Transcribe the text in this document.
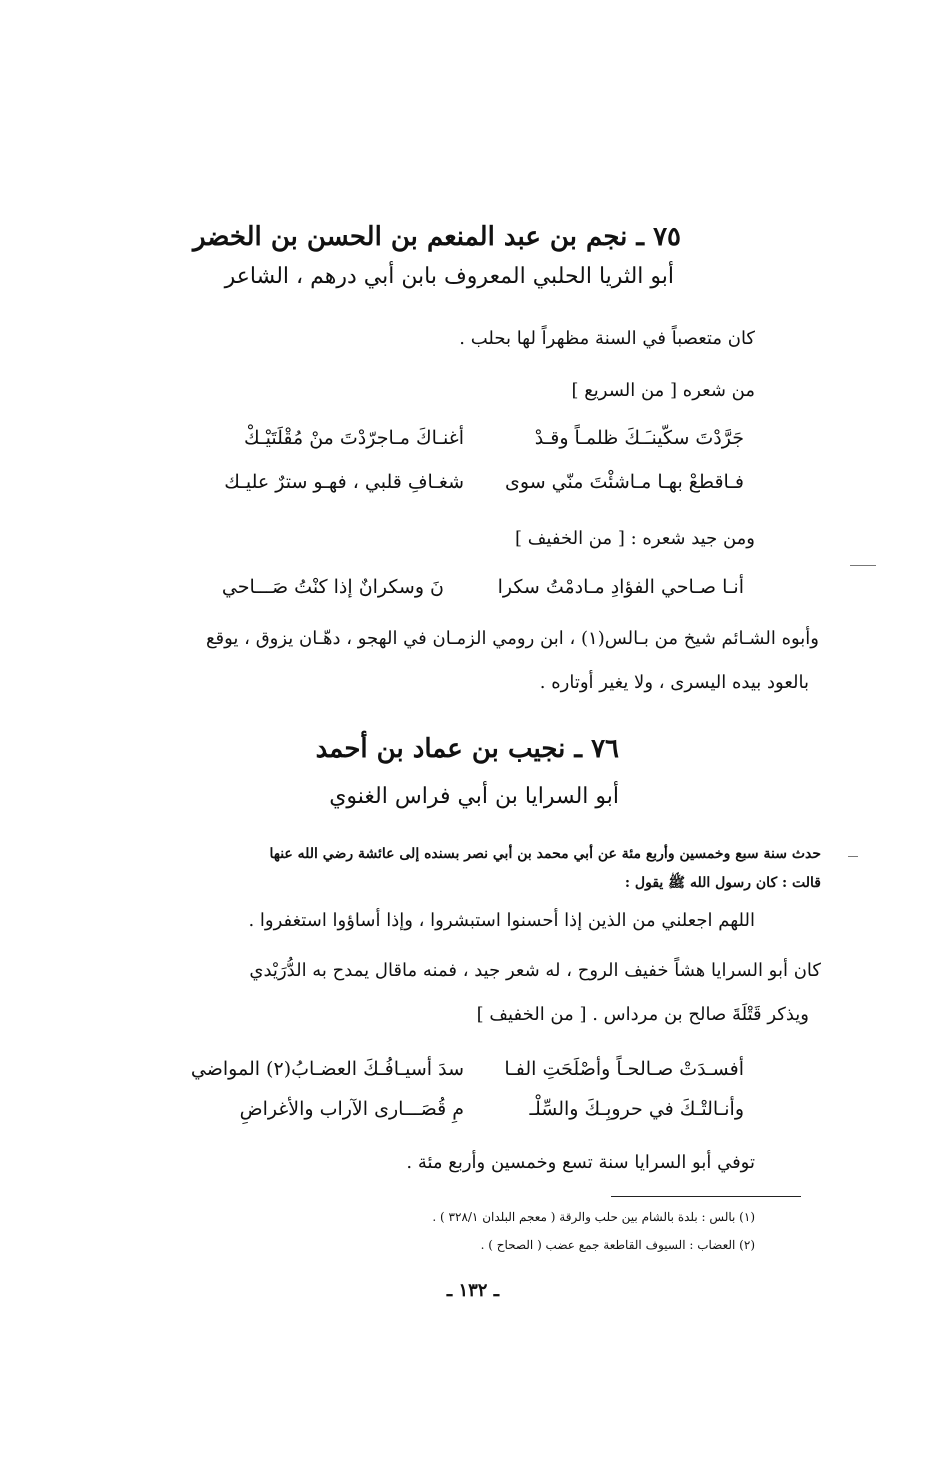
٧٥ ـ نجم بن عبد المنعم بن الحسن بن الخضر
أبو الثريا الحلبي المعروف بابن أبي درهم ، الشاعر
كان متعصباً في السنة مظهراً لها بحلب .
من شعره [ من السريع ]
جَرَّدْتَ سكّينـَـكَ ظلمـاً وقـدْ
أغنـاكَ مـاجرّدْتَ منْ مُقْلَتَيْـكْ
فـاقطعْ بهـا مـاشئْتَ منّي سوى
شغـافِ قلبي ، فهـو سترٌ عليـك
ومن جيد شعره : [ من الخفيف ]
أنـا صـاحي الفؤادِ مـادمْتُ سكرا
نَ وسكرانٌ إذا كنْتُ صَـــاحي
وأبوه الشـائم شيخ من بـالس(١) ، ابن رومي الزمـان في الهجو ، دهّـان يزوق ، يوقع
بالعود بيده اليسرى ، ولا يغير أوتاره .
٧٦ ـ نجيب بن عماد بن أحمد
أبو السرايا بن أبي فراس الغنوي
حدث سنة سبع وخمسين وأربع مئة عن أبي محمد بن أبي نصر بسنده إلى عائشة رضي الله عنها
قالت : كان رسول الله ﷺ يقول :
اللهم اجعلني من الذين إذا أحسنوا استبشروا ، وإذا أساؤوا استغفروا .
كان أبو السرايا هشاً خفيف الروح ، له شعر جيد ، فمنه ماقال يمدح به الدُّرَيْدي
ويذكر قَتْلَةَ صالح بن مرداس . [ من الخفيف ]
أفسـدَتْ صـالحـاً وأصْلَحَتِ الفـا
سدَ أسيـافُـكَ العضـابُ(٢) المواضي
وأنـالتْـكَ في حروبِـكَ والسِّلْـ
مِ قُصَـــارى الآراب والأغراضِ
توفي أبو السرايا سنة تسع وخمسين وأربع مئة .
(١) بالس : بلدة بالشام بين حلب والرقة ( معجم البلدان ٣٢٨/١ ) .
(٢) العضاب : السيوف القاطعة جمع عضب ( الصحاح ) .
ـ ١٣٢ ـ
